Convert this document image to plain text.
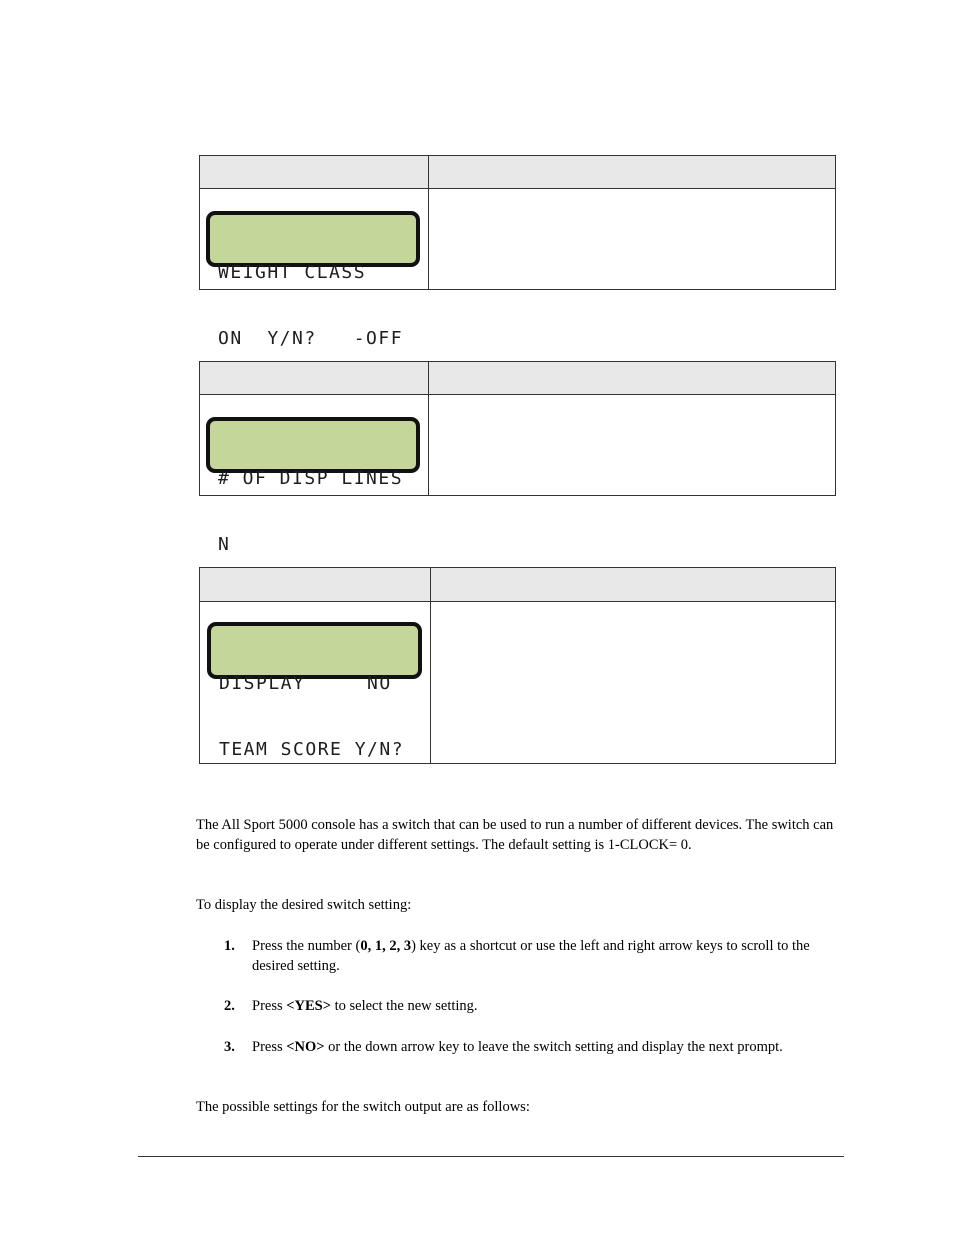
WEIGHT CLASS

ON  Y/N?   -OFF

# OF DISP LINES

N

DISPLAY     NO

TEAM SCORE Y/N?

The All Sport 5000 console has a switch that can be used to run a number of different devices. The switch can be configured to operate under different settings. The default setting is 1-CLOCK= 0.
To display the desired switch setting:
1. Press the number (0, 1, 2, 3) key as a shortcut or use the left and right arrow keys to scroll to the desired setting.
2. Press <YES> to select the new setting.
3. Press <NO> or the down arrow key to leave the switch setting and display the next prompt.
The possible settings for the switch output are as follows:
